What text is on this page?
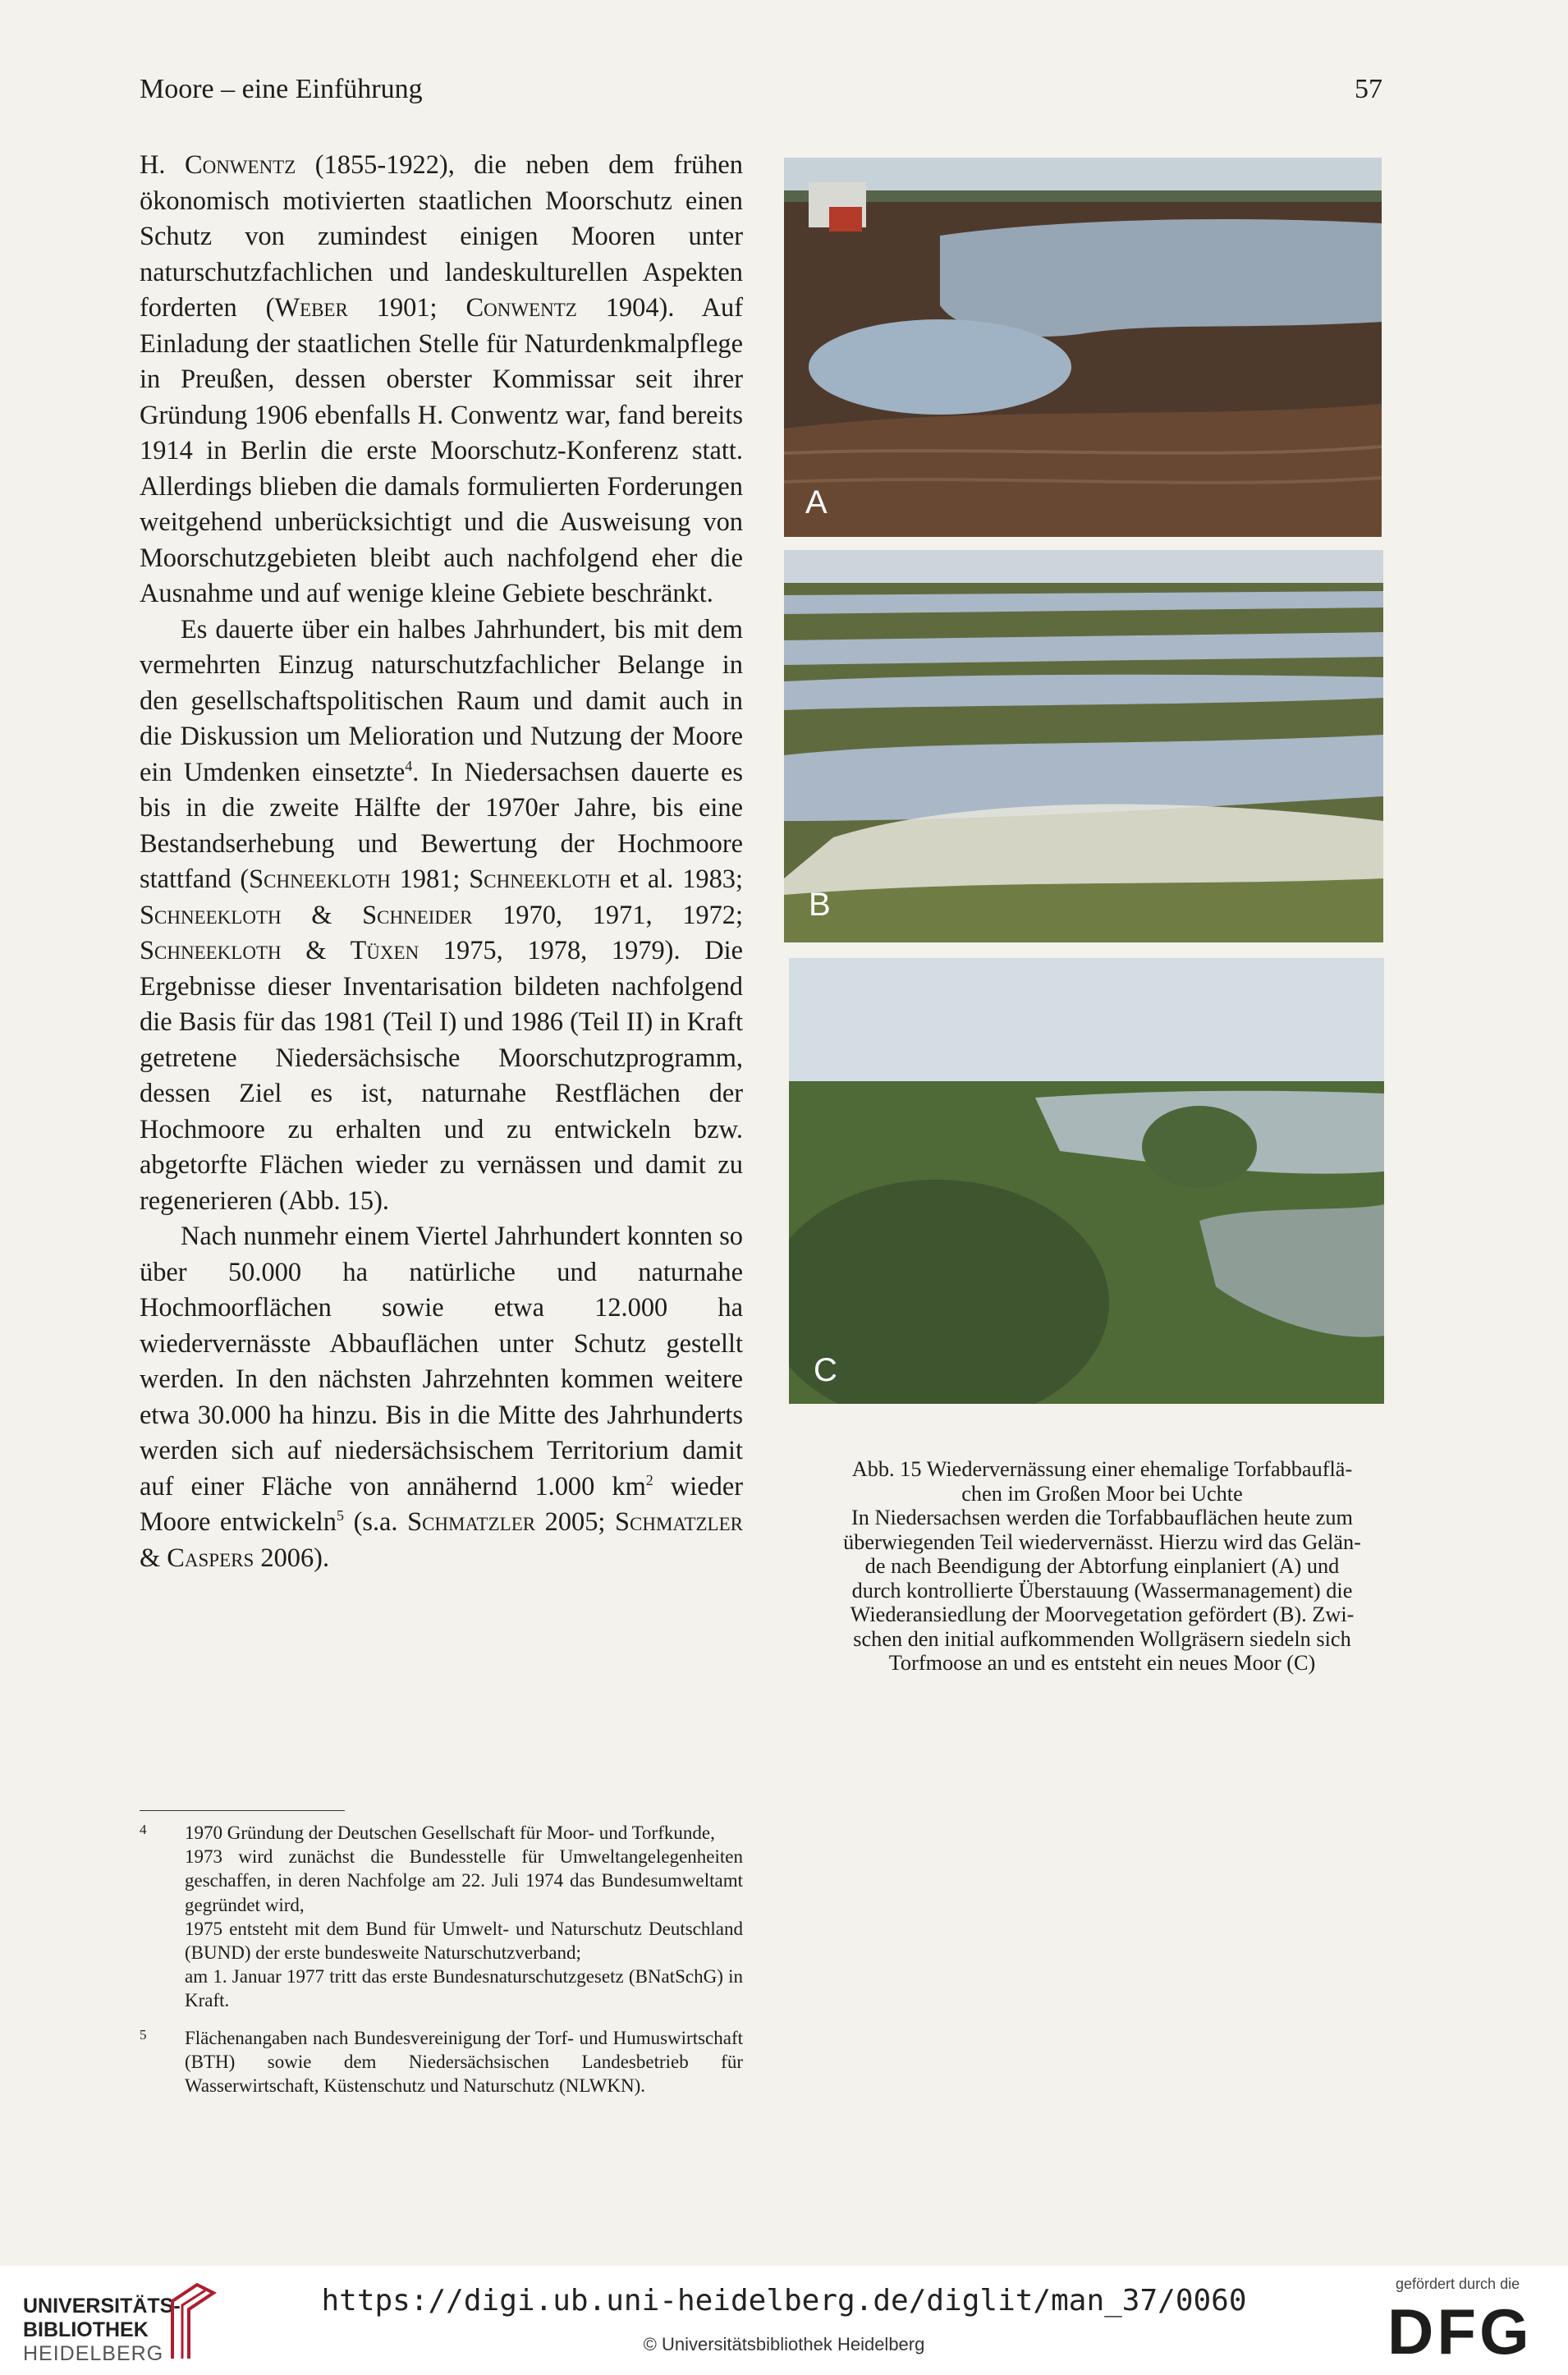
Moore – eine Einführung	57

H. Conwentz (1855-1922), die neben dem frühen ökonomisch motivierten staatlichen Moorschutz einen Schutz von zumindest einigen Mooren unter naturschutzfachlichen und landeskulturellen Aspekten forderten (Weber 1901; Conwentz 1904). Auf Einladung der staatlichen Stelle für Naturdenkmalpflege in Preußen, dessen oberster Kommissar seit ihrer Gründung 1906 ebenfalls H. Conwentz war, fand bereits 1914 in Berlin die erste Moorschutz-Konferenz statt. Allerdings blieben die damals formulierten Forderungen weitgehend unberücksichtigt und die Ausweisung von Moorschutzgebieten bleibt auch nachfolgend eher die Ausnahme und auf wenige kleine Gebiete beschränkt.

Es dauerte über ein halbes Jahrhundert, bis mit dem vermehrten Einzug naturschutzfachlicher Belange in den gesellschaftspolitischen Raum und damit auch in die Diskussion um Melioration und Nutzung der Moore ein Umdenken einsetzte$^4$. In Niedersachsen dauerte es bis in die zweite Hälfte der 1970er Jahre, bis eine Bestandserhebung und Bewertung der Hochmoore stattfand (Schneekloth 1981; Schneekloth et al. 1983; Schneekloth & Schneider 1970, 1971, 1972; Schneekloth & Tüxen 1975, 1978, 1979). Die Ergebnisse dieser Inventarisation bildeten nachfolgend die Basis für das 1981 (Teil I) und 1986 (Teil II) in Kraft getretene Niedersächsische Moorschutzprogramm, dessen Ziel es ist, naturnahe Restflächen der Hochmoore zu erhalten und zu entwickeln bzw. abgetorfte Flächen wieder zu vernässen und damit zu regenerieren (Abb. 15).

Nach nunmehr einem Viertel Jahrhundert konnten so über 50.000 ha natürliche und naturnahe Hochmoorflächen sowie etwa 12.000 ha wiedervernässte Abbauflächen unter Schutz gestellt werden. In den nächsten Jahrzehnten kommen weitere etwa 30.000 ha hinzu. Bis in die Mitte des Jahrhunderts werden sich auf niedersächsischem Territorium damit auf einer Fläche von annähernd 1.000 $km^2$ wieder Moore entwickeln$^5$ (s.a. Schmatzler 2005; Schmatzler & Caspers 2006).

4 1970 Gründung der Deutschen Gesellschaft für Moor- und Torfkunde,
1973 wird zunächst die Bundesstelle für Umweltangelegenheiten geschaffen, in deren Nachfolge am 22. Juli 1974 das Bundesumweltamt gegründet wird,
1975 entsteht mit dem Bund für Umwelt- und Naturschutz Deutschland (BUND) der erste bundesweite Naturschutzverband;
am 1. Januar 1977 tritt das erste Bundesnaturschutzgesetz (BNatSchG) in Kraft.
5 Flächenangaben nach Bundesvereinigung der Torf- und Humuswirtschaft (BTH) sowie dem Niedersächsischen Landesbetrieb für Wasserwirtschaft, Küstenschutz und Naturschutz (NLWKN).
A
B
C
Abb. 15 Wiedervernässung einer ehemalige Torfabbauflä-
chen im Großen Moor bei Uchte
In Niedersachsen werden die Torfabbauflächen heute zum
überwiegenden Teil wiedervernässt. Hierzu wird das Gelän-
de nach Beendigung der Abtorfung einplaniert (A) und
durch kontrollierte Überstauung (Wassermanagement) die
Wiederansiedlung der Moorvegetation gefördert (B). Zwi-
schen den initial aufkommenden Wollgräsern siedeln sich
Torfmoose an und es entsteht ein neues Moor (C)
UNIVERSITÄTS-
BIBLIOTHEK
HEIDELBERG
https://digi.ub.uni-heidelberg.de/diglit/man_37/0060
© Universitätsbibliothek Heidelberg
gefördert durch die
DFG
